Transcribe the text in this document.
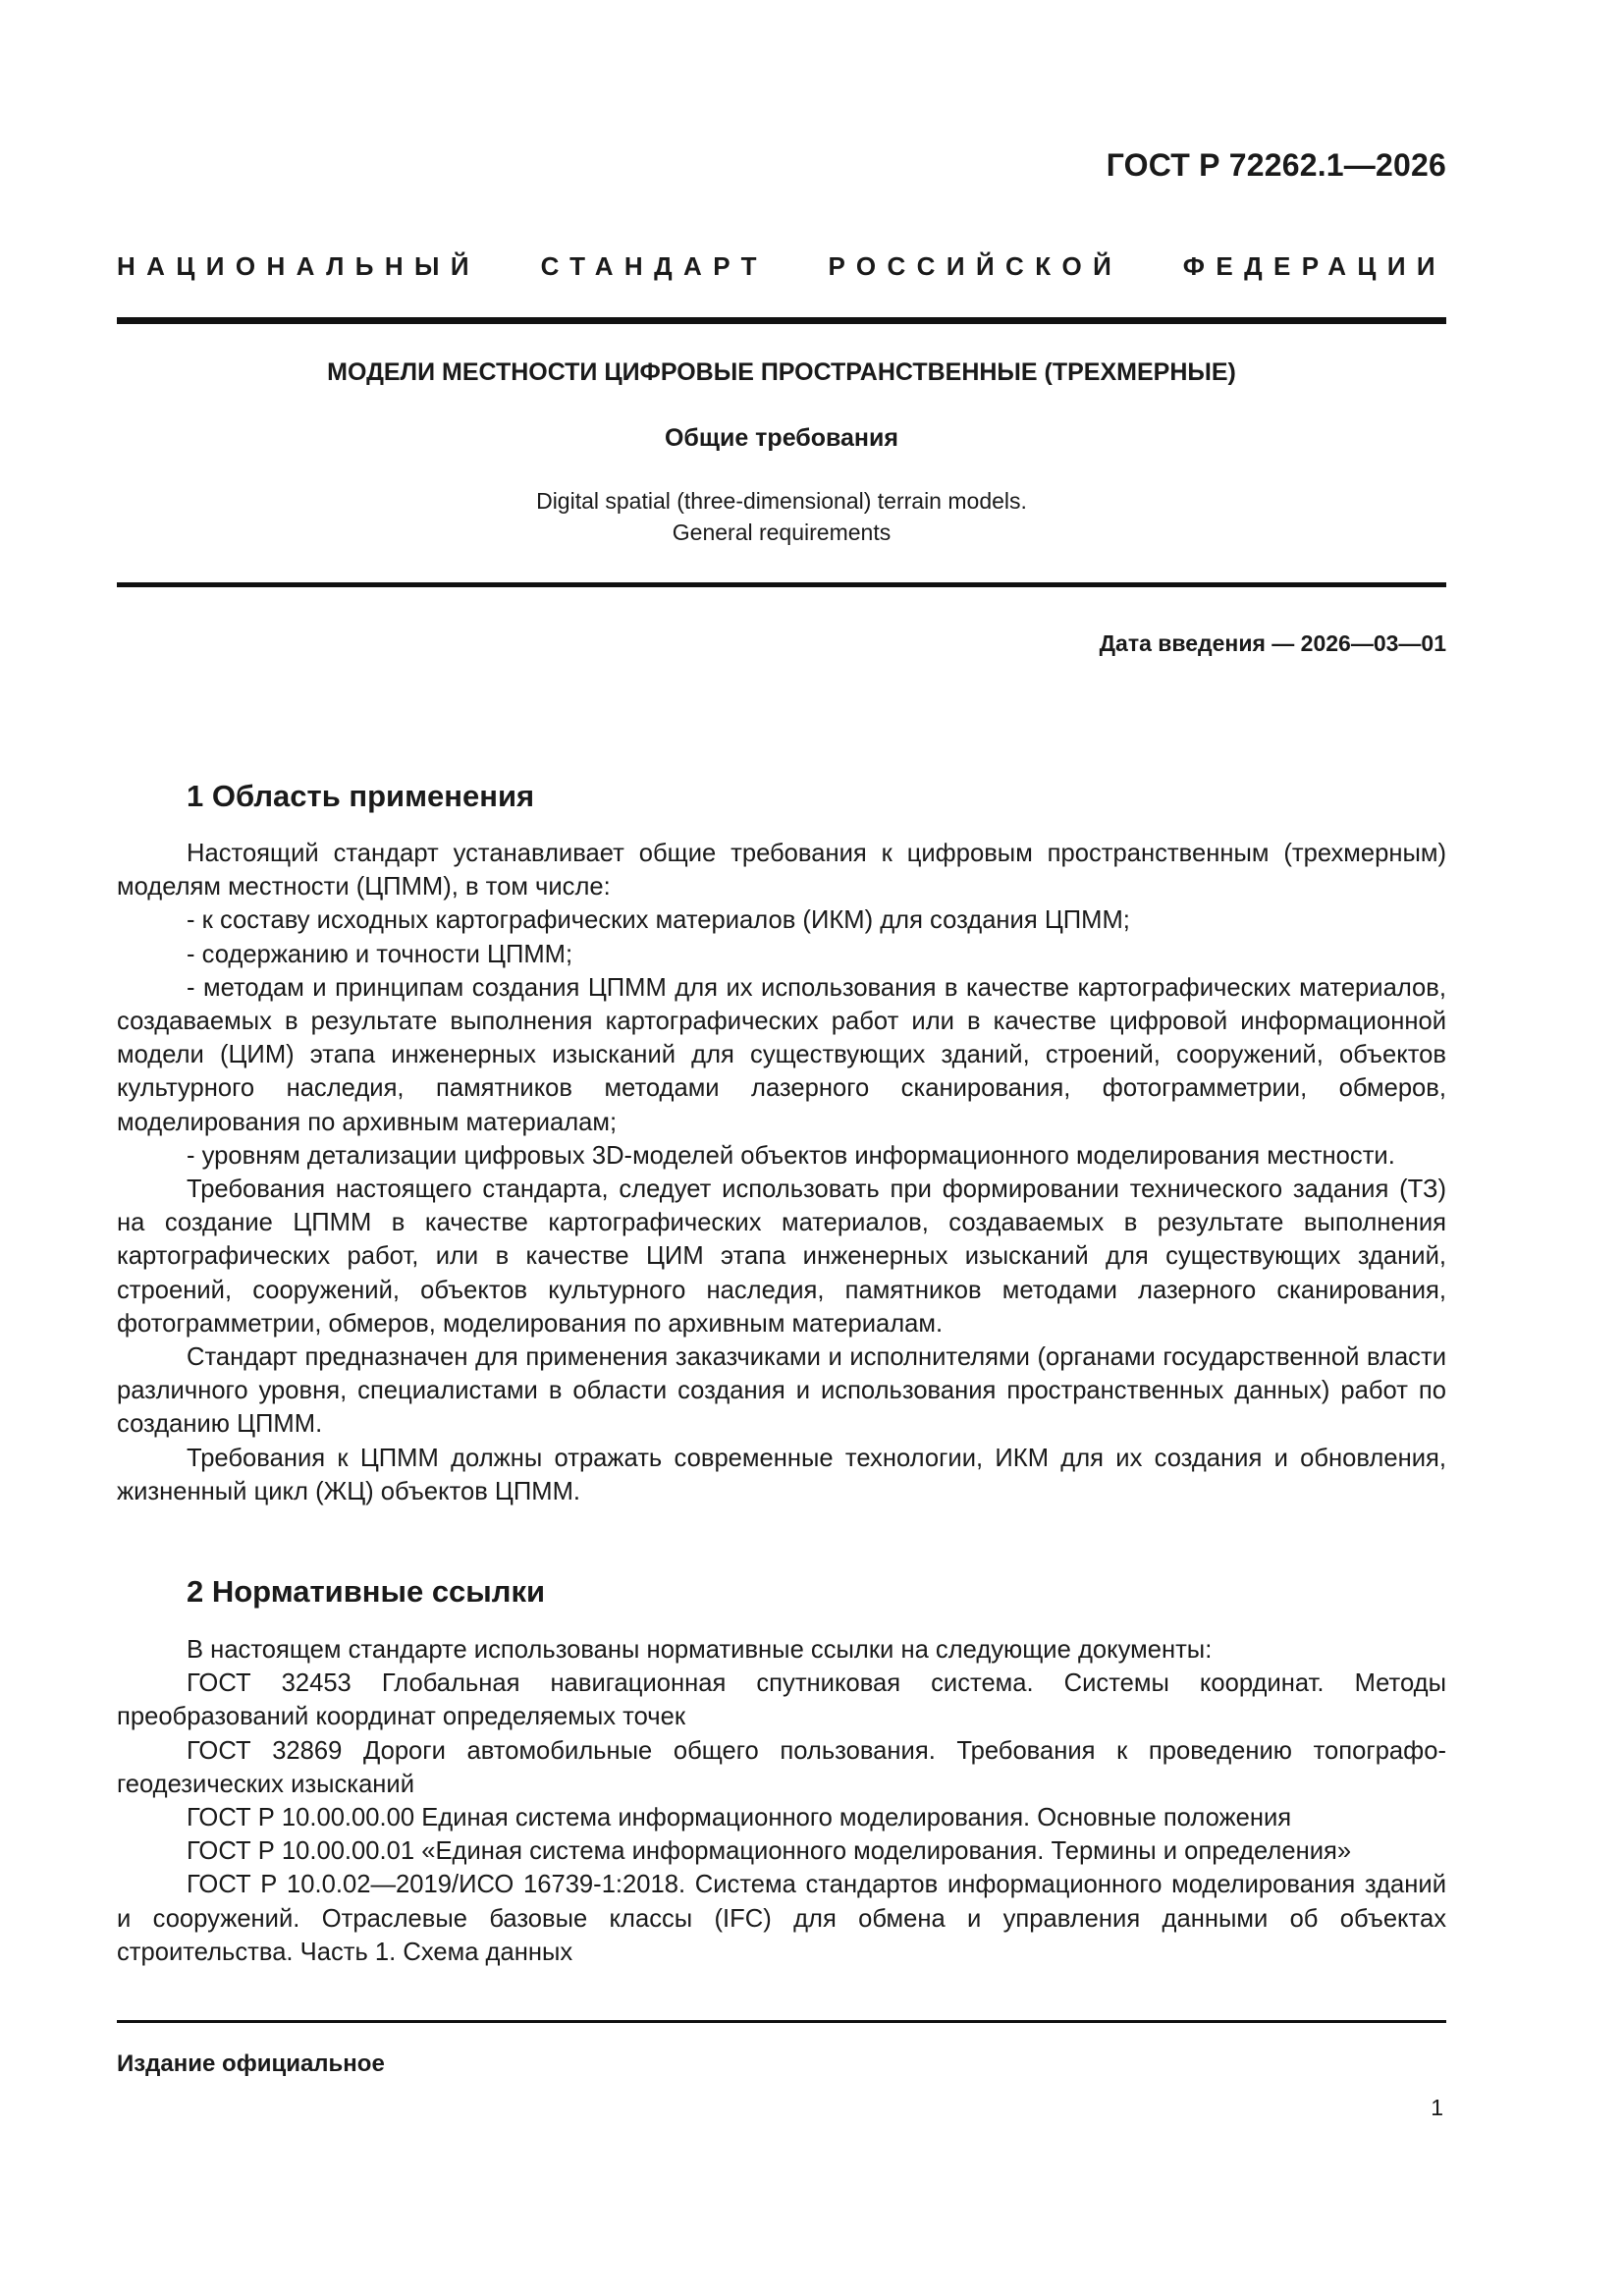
ГОСТ Р 72262.1—2026
НАЦИОНАЛЬНЫЙ СТАНДАРТ РОССИЙСКОЙ ФЕДЕРАЦИИ
МОДЕЛИ МЕСТНОСТИ ЦИФРОВЫЕ ПРОСТРАНСТВЕННЫЕ (ТРЕХМЕРНЫЕ)
Общие требования
Digital spatial (three-dimensional) terrain models.
General requirements
Дата введения — 2026—03—01
1 Область применения

Настоящий стандарт устанавливает общие требования к цифровым пространственным (трехмерным) моделям местности (ЦПММ), в том числе:

- к составу исходных картографических материалов (ИКМ) для создания ЦПММ;

- содержанию и точности ЦПММ;

- методам и принципам создания ЦПММ для их использования в качестве картографических материалов, создаваемых в результате выполнения картографических работ или в качестве цифровой информационной модели (ЦИМ) этапа инженерных изысканий для существующих зданий, строений, сооружений, объектов культурного наследия, памятников методами лазерного сканирования, фотограмметрии, обмеров, моделирования по архивным материалам;

- уровням детализации цифровых 3D-моделей объектов информационного моделирования местности.

Требования настоящего стандарта, следует использовать при формировании технического задания (ТЗ) на создание ЦПММ в качестве картографических материалов, создаваемых в результате выполнения картографических работ, или в качестве ЦИМ этапа инженерных изысканий для существующих зданий, строений, сооружений, объектов культурного наследия, памятников методами лазерного сканирования, фотограмметрии, обмеров, моделирования по архивным материалам.

Стандарт предназначен для применения заказчиками и исполнителями (органами государственной власти различного уровня, специалистами в области создания и использования пространственных данных) работ по созданию ЦПММ.

Требования к ЦПММ должны отражать современные технологии, ИКМ для их создания и обновления, жизненный цикл (ЖЦ) объектов ЦПММ.

2 Нормативные ссылки

В настоящем стандарте использованы нормативные ссылки на следующие документы:

ГОСТ 32453 Глобальная навигационная спутниковая система. Системы координат. Методы преобразований координат определяемых точек

ГОСТ 32869 Дороги автомобильные общего пользования. Требования к проведению топографо-геодезических изысканий

ГОСТ Р 10.00.00.00 Единая система информационного моделирования. Основные положения

ГОСТ Р 10.00.00.01 «Единая система информационного моделирования. Термины и определения»

ГОСТ Р 10.0.02—2019/ИСО 16739-1:2018. Система стандартов информационного моделирования зданий и сооружений. Отраслевые базовые классы (IFC) для обмена и управления данными об объектах строительства. Часть 1. Схема данных

Издание официальное
1
